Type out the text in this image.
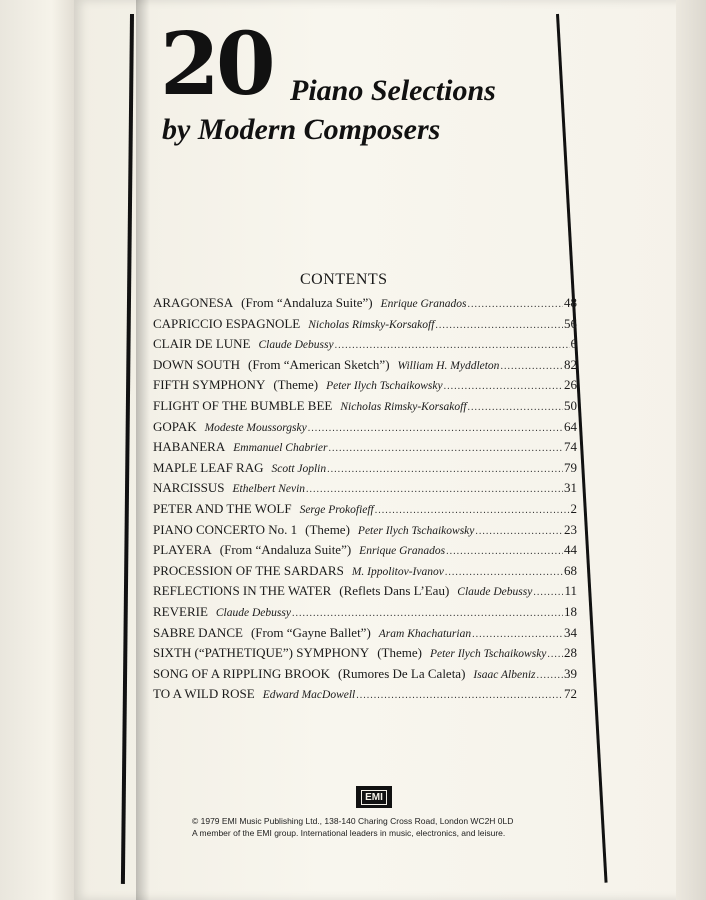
20 Piano Selections
by Modern Composers
CONTENTS
ARAGONESA (From “Andaluza Suite”) Enrique Granados .....	48
CAPRICCIO ESPAGNOLE Nicholas Rimsky-Korsakoff .....	56
CLAIR DE LUNE Claude Debussy .....	6
DOWN SOUTH (From “American Sketch”) William H. Myddleton .....	82
FIFTH SYMPHONY (Theme) Peter Ilych Tschaikowsky .....	26
FLIGHT OF THE BUMBLE BEE Nicholas Rimsky-Korsakoff .....	50
GOPAK Modeste Moussorgsky .....	64
HABANERA Emmanuel Chabrier .....	74
MAPLE LEAF RAG Scott Joplin .....	79
NARCISSUS Ethelbert Nevin .....	31
PETER AND THE WOLF Serge Prokofieff .....	2
PIANO CONCERTO No. 1 (Theme) Peter Ilych Tschaikowsky .....	23
PLAYERA (From “Andaluza Suite”) Enrique Granados .....	44
PROCESSION OF THE SARDARS M. Ippolitov-Ivanov .....	68
REFLECTIONS IN THE WATER (Reflets Dans L’Eau) Claude Debussy ..... 11
REVERIE Claude Debussy .....	18
SABRE DANCE (From “Gayne Ballet”) Aram Khachaturian .....	34
SIXTH (“PATHETIQUE”) SYMPHONY (Theme) Peter Ilych Tschaikowsky ..... 28
SONG OF A RIPPLING BROOK (Rumores De La Caleta) Isaac Albeniz ..... 39
TO A WILD ROSE Edward MacDowell .....	72
EMI
© 1979 EMI Music Publishing Ltd., 138-140 Charing Cross Road, London WC2H 0LD
A member of the EMI group. International leaders in music, electronics, and leisure.
